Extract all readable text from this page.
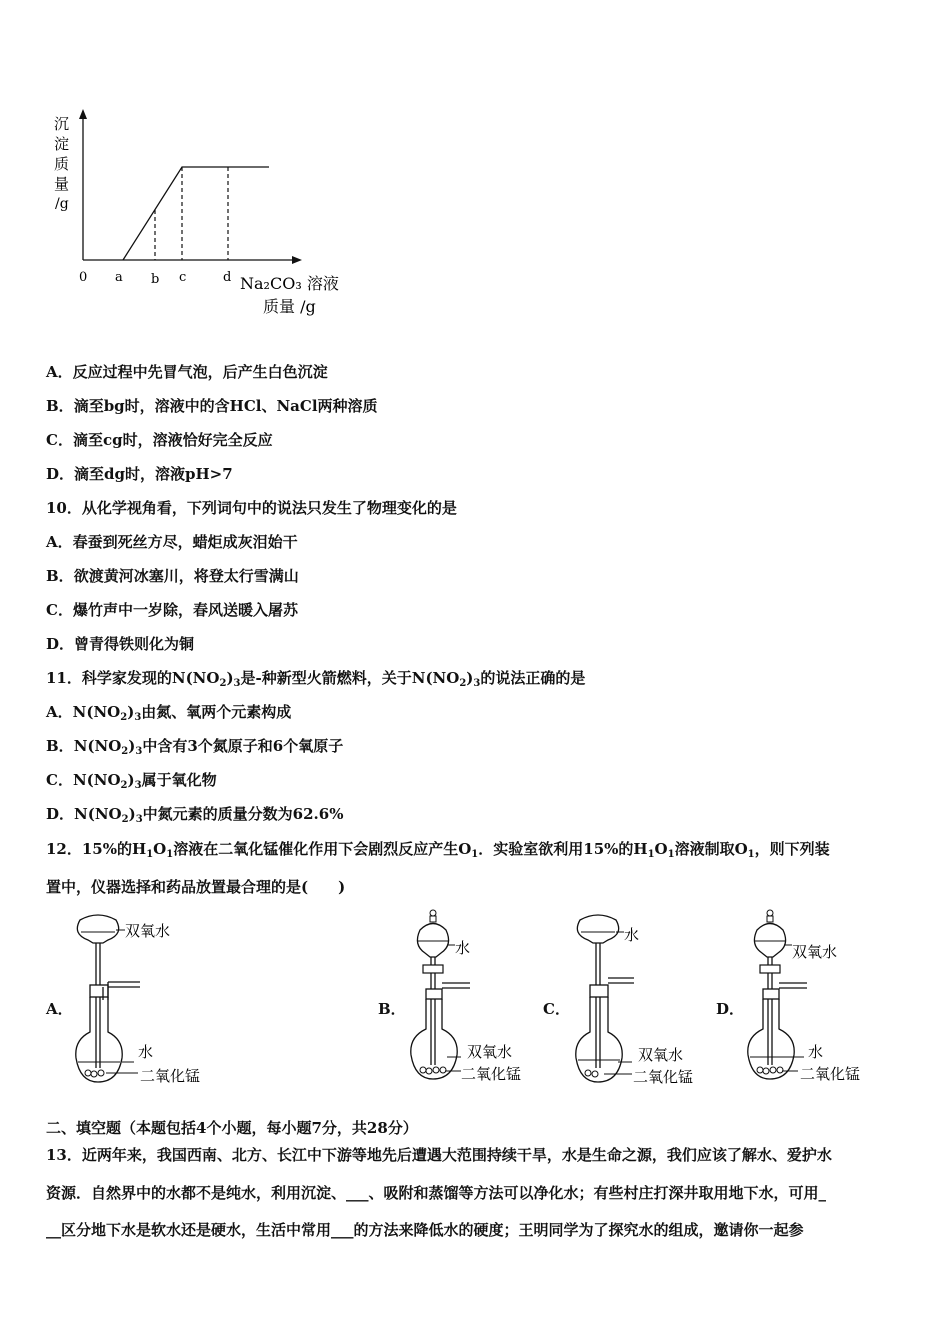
沉
淀
质
量
/g
0 a b c	d Na₂CO₃ 溶液
质量 /g
A．反应过程中先冒气泡，后产生白色沉淀
B．滴至bg时，溶液中的含HCl、NaCl两种溶质
C．滴至cg时，溶液恰好完全反应
D．滴至dg时，溶液pH>7
10．从化学视角看，下列词句中的说法只发生了物理变化的是
A．春蚕到死丝方尽，蜡炬成灰泪始干
B．欲渡黄河冰塞川，将登太行雪满山
C．爆竹声中一岁除，春风送暖入屠苏
D．曾青得铁则化为铜
11．科学家发现的$N(NO_2)_3$是-种新型火箭燃料，关于$N(NO_2)_3$的说法正确的是
A．$N(NO_2)_3$由氮、氧两个元素构成
B．$N(NO_2)_3$中含有3个氮原子和6个氧原子
C．$N(NO_2)_3$属于氧化物
D．$N(NO_2)_3$中氮元素的质量分数为62.6%
12．15%的$H_1O_1$溶液在二氧化锰催化作用下会剧烈反应产生$O_1$．实验室欲利用15%的$H_1O_1$溶液制取$O_1$，则下列装
置中，仪器选择和药品放置最合理的是(　　)
A．	B．	C．	D．
双氧水
水
二氧化锰
水
双氧水
二氧化锰
水
双氧水
二氧化锰
双氧水
水
二氧化锰
二、填空题（本题包括4个小题，每小题7分，共28分）
13．近两年来，我国西南、北方、长江中下游等地先后遭遇大范围持续干旱，水是生命之源，我们应该了解水、爱护水
资源．自然界中的水都不是纯水，利用沉淀、___、吸附和蒸馏等方法可以净化水；有些村庄打深井取用地下水，可用_
__区分地下水是软水还是硬水，生活中常用___的方法来降低水的硬度；王明同学为了探究水的组成，邀请你一起参
